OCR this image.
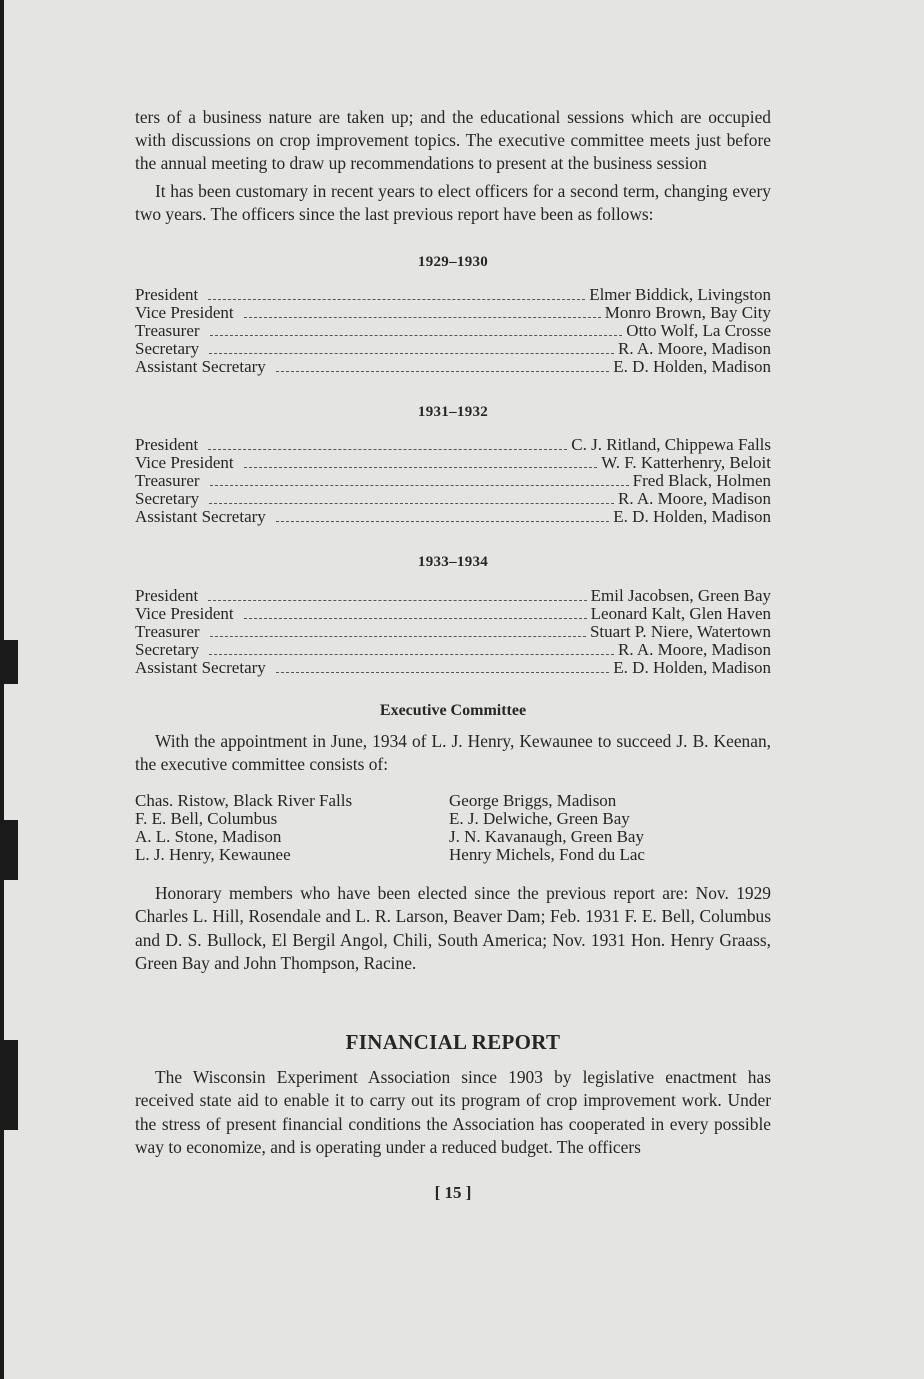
ters of a business nature are taken up; and the educational sessions which are occupied with discussions on crop improvement topics. The executive committee meets just before the annual meeting to draw up recommendations to present at the business session

It has been customary in recent years to elect officers for a second term, changing every two years. The officers since the last previous report have been as follows:

1929–1930
President	Elmer Biddick, Livingston
Vice President	Monro Brown, Bay City
Treasurer	Otto Wolf, La Crosse
Secretary	R. A. Moore, Madison
Assistant Secretary	E. D. Holden, Madison
1931–1932
President	C. J. Ritland, Chippewa Falls
Vice President	W. F. Katterhenry, Beloit
Treasurer	Fred Black, Holmen
Secretary	R. A. Moore, Madison
Assistant Secretary	E. D. Holden, Madison
1933–1934
President	Emil Jacobsen, Green Bay
Vice President	Leonard Kalt, Glen Haven
Treasurer	Stuart P. Niere, Watertown
Secretary	R. A. Moore, Madison
Assistant Secretary	E. D. Holden, Madison
Executive Committee

With the appointment in June, 1934 of L. J. Henry, Kewaunee to succeed J. B. Keenan, the executive committee consists of:

Chas. Ristow, Black River Falls	George Briggs, Madison
F. E. Bell, Columbus	E. J. Delwiche, Green Bay
A. L. Stone, Madison	J. N. Kavanaugh, Green Bay
L. J. Henry, Kewaunee	Henry Michels, Fond du Lac

Honorary members who have been elected since the previous report are: Nov. 1929 Charles L. Hill, Rosendale and L. R. Larson, Beaver Dam; Feb. 1931 F. E. Bell, Columbus and D. S. Bullock, El Bergil Angol, Chili, South America; Nov. 1931 Hon. Henry Graass, Green Bay and John Thompson, Racine.

FINANCIAL REPORT

The Wisconsin Experiment Association since 1903 by legislative enactment has received state aid to enable it to carry out its program of crop improvement work. Under the stress of present financial conditions the Association has cooperated in every possible way to economize, and is operating under a reduced budget. The officers

[ 15 ]
